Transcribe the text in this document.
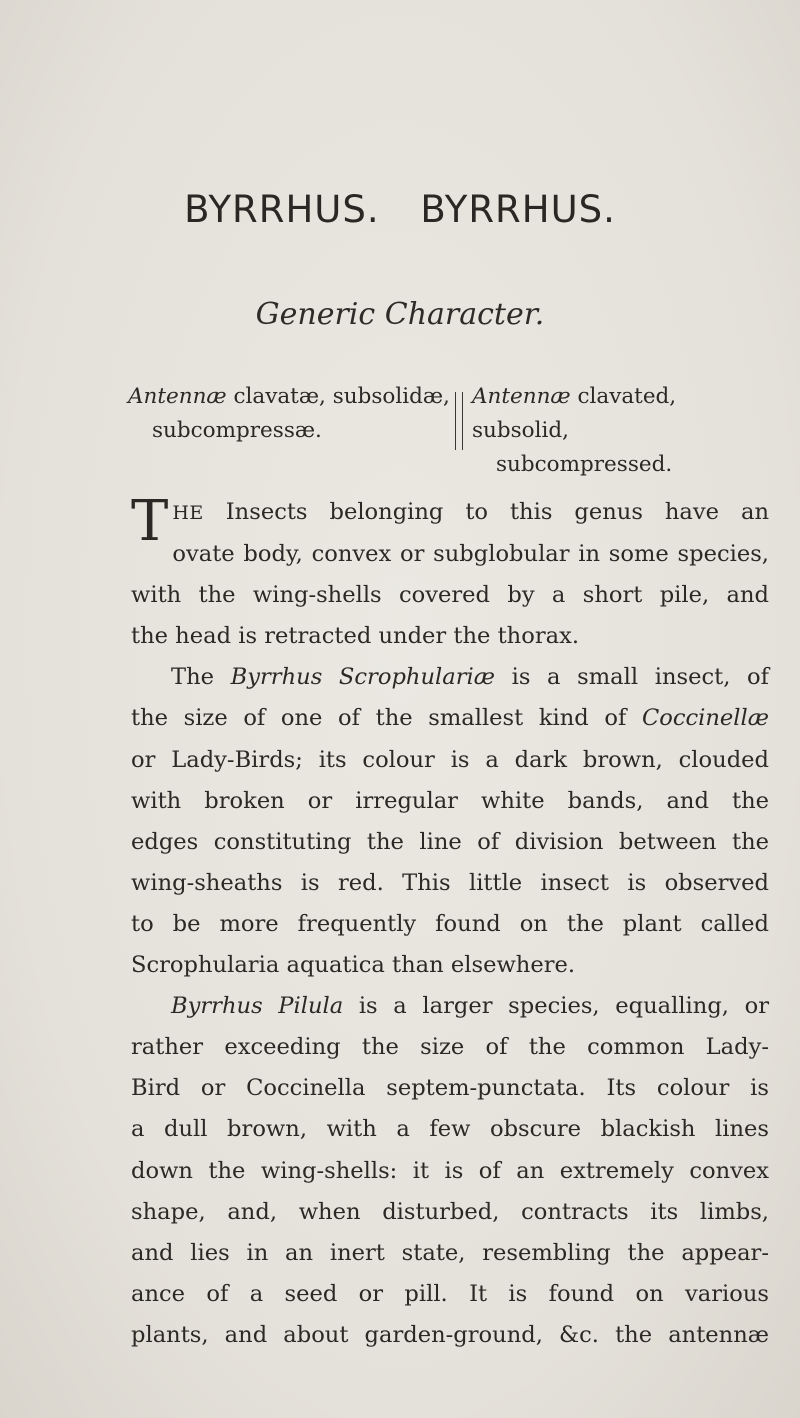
BYRRHUS. BYRRHUS.
Generic Character.
Antennæ clavatæ, subsolidæ,
subcompressæ.
Antennæ clavated, subsolid,
subcompressed.

THE Insects belonging to this genus have an
ovate body, convex or subglobular in some species,
with the wing-shells covered by a short pile, and
the head is retracted under the thorax.

The Byrrhus Scrophulariæ is a small insect, of
the size of one of the smallest kind of Coccinellæ
or Lady-Birds; its colour is a dark brown, clouded
with broken or irregular white bands, and the
edges constituting the line of division between the
wing-sheaths is red. This little insect is observed
to be more frequently found on the plant called
Scrophularia aquatica than elsewhere.

Byrrhus Pilula is a larger species, equalling, or
rather exceeding the size of the common Lady-
Bird or Coccinella septem-punctata. Its colour is
a dull brown, with a few obscure blackish lines
down the wing-shells: it is of an extremely convex
shape, and, when disturbed, contracts its limbs,
and lies in an inert state, resembling the appear-
ance of a seed or pill. It is found on various
plants, and about garden-ground, &c. the antennæ
